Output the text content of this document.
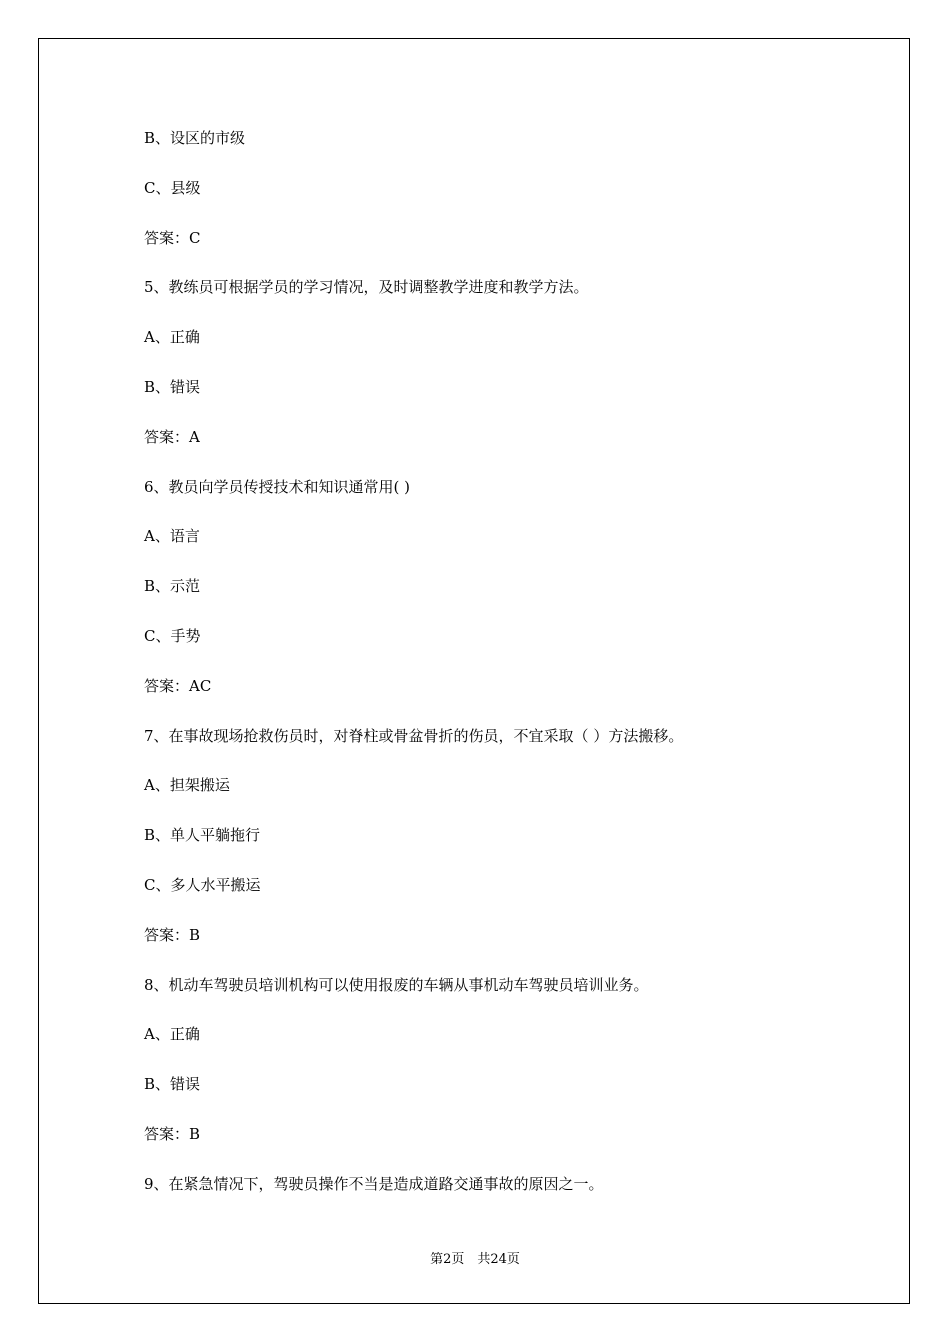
B、设区的市级
C、县级
答案：C
5、教练员可根据学员的学习情况，及时调整教学进度和教学方法。
A、正确
B、错误
答案：A
6、教员向学员传授技术和知识通常用( )
A、语言
B、示范
C、手势
答案：AC
7、在事故现场抢救伤员时，对脊柱或骨盆骨折的伤员，不宜采取（ ）方法搬移。
A、担架搬运
B、单人平躺拖行
C、多人水平搬运
答案：B
8、机动车驾驶员培训机构可以使用报废的车辆从事机动车驾驶员培训业务。
A、正确
B、错误
答案：B
9、在紧急情况下，驾驶员操作不当是造成道路交通事故的原因之一。
第2页　共24页
